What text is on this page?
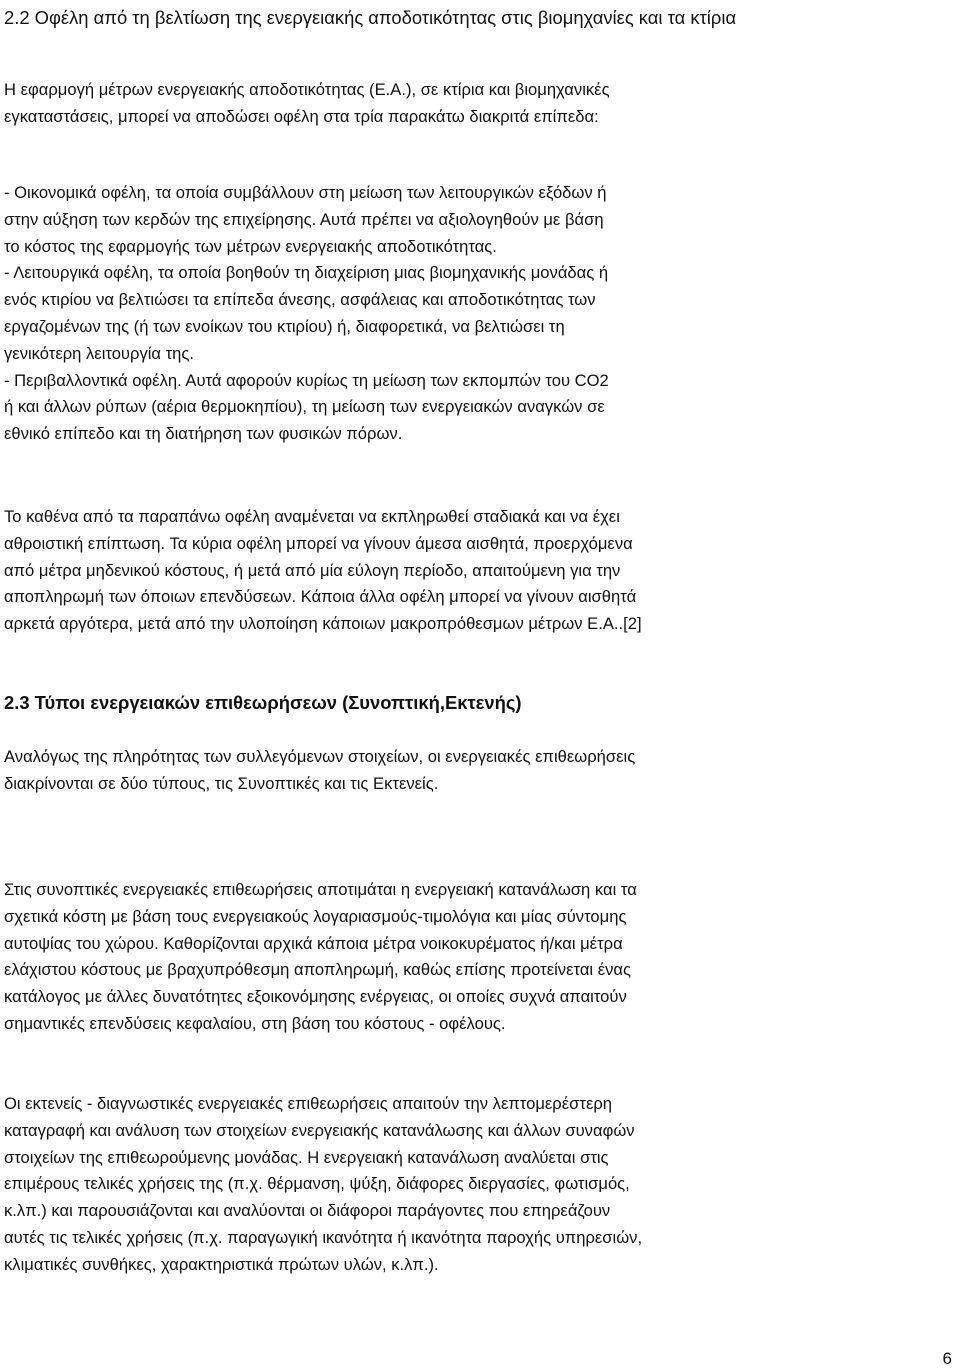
2.2 Οφέλη από τη βελτίωση της ενεργειακής αποδοτικότητας στις βιομηχανίες και τα κτίρια

Η εφαρμογή μέτρων ενεργειακής αποδοτικότητας (Ε.Α.), σε κτίρια και βιομηχανικές
εγκαταστάσεις, μπορεί να αποδώσει οφέλη στα τρία παρακάτω διακριτά επίπεδα:

- Οικονομικά οφέλη, τα οποία συμβάλλουν στη μείωση των λειτουργικών εξόδων ή
στην αύξηση των κερδών της επιχείρησης. Αυτά πρέπει να αξιολογηθούν με βάση
το κόστος της εφαρμογής των μέτρων ενεργειακής αποδοτικότητας.
- Λειτουργικά οφέλη, τα οποία βοηθούν τη διαχείριση μιας βιομηχανικής μονάδας ή
ενός κτιρίου να βελτιώσει τα επίπεδα άνεσης, ασφάλειας και αποδοτικότητας των
εργαζομένων της (ή των ενοίκων του κτιρίου) ή, διαφορετικά, να βελτιώσει τη
γενικότερη λειτουργία της.
- Περιβαλλοντικά οφέλη. Αυτά αφορούν κυρίως τη μείωση των εκπομπών του CO2
ή και άλλων ρύπων (αέρια θερμοκηπίου), τη μείωση των ενεργειακών αναγκών σε
εθνικό επίπεδο και τη διατήρηση των φυσικών πόρων.

Το καθένα από τα παραπάνω οφέλη αναμένεται να εκπληρωθεί σταδιακά και να έχει
αθροιστική επίπτωση. Τα κύρια οφέλη μπορεί να γίνουν άμεσα αισθητά, προερχόμενα
από μέτρα μηδενικού κόστους, ή μετά από μία εύλογη περίοδο, απαιτούμενη για την
αποπληρωμή των όποιων επενδύσεων. Κάποια άλλα οφέλη μπορεί να γίνουν αισθητά
αρκετά αργότερα, μετά από την υλοποίηση κάποιων μακροπρόθεσμων μέτρων Ε.Α..[2]

2.3 Τύποι ενεργειακών επιθεωρήσεων (Συνοπτική,Εκτενής)

Αναλόγως της πληρότητας των συλλεγόμενων στοιχείων, οι ενεργειακές επιθεωρήσεις
διακρίνονται σε δύο τύπους, τις Συνοπτικές και τις Εκτενείς.

Στις συνοπτικές ενεργειακές επιθεωρήσεις αποτιμάται η ενεργειακή κατανάλωση και τα
σχετικά κόστη με βάση τους ενεργειακούς λογαριασμούς-τιμολόγια και μίας σύντομης
αυτοψίας του χώρου. Καθορίζονται αρχικά κάποια μέτρα νοικοκυρέματος ή/και μέτρα
ελάχιστου κόστους με βραχυπρόθεσμη αποπληρωμή, καθώς επίσης προτείνεται ένας
κατάλογος με άλλες δυνατότητες εξοικονόμησης ενέργειας, οι οποίες συχνά απαιτούν
σημαντικές επενδύσεις κεφαλαίου, στη βάση του κόστους - οφέλους.

Οι εκτενείς - διαγνωστικές ενεργειακές επιθεωρήσεις απαιτούν την λεπτομερέστερη
καταγραφή και ανάλυση των στοιχείων ενεργειακής κατανάλωσης και άλλων συναφών
στοιχείων της επιθεωρούμενης μονάδας. Η ενεργειακή κατανάλωση αναλύεται στις
επιμέρους τελικές χρήσεις της (π.χ. θέρμανση, ψύξη, διάφορες διεργασίες, φωτισμός,
κ.λπ.) και παρουσιάζονται και αναλύονται οι διάφοροι παράγοντες που επηρεάζουν
αυτές τις τελικές χρήσεις (π.χ. παραγωγική ικανότητα ή ικανότητα παροχής υπηρεσιών,
κλιματικές συνθήκες, χαρακτηριστικά πρώτων υλών, κ.λπ.).

6
